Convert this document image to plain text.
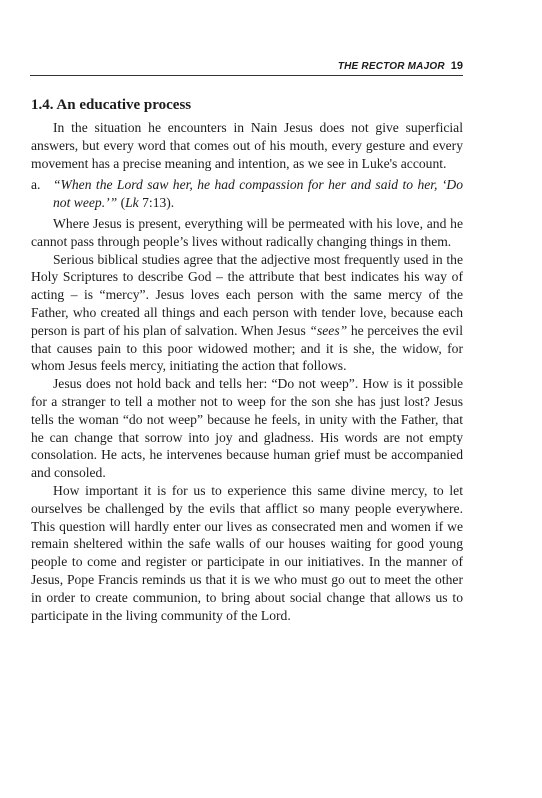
THE RECTOR MAJOR 19
1.4. An educative process

In the situation he encounters in Nain Jesus does not give superficial answers, but every word that comes out of his mouth, every gesture and every movement has a precise meaning and intention, as we see in Luke's account.

a. “When the Lord saw her, he had compassion for her and said to her, ‘Do not weep.’” (Lk 7:13).

Where Jesus is present, everything will be permeated with his love, and he cannot pass through people’s lives without radically changing things in them.

Serious biblical studies agree that the adjective most frequently used in the Holy Scriptures to describe God – the attribute that best indicates his way of acting – is “mercy”. Jesus loves each person with the same mercy of the Father, who created all things and each person with tender love, because each person is part of his plan of salvation. When Jesus “sees” he perceives the evil that causes pain to this poor widowed mother; and it is she, the widow, for whom Jesus feels mercy, initiating the action that follows.

Jesus does not hold back and tells her: “Do not weep”. How is it possible for a stranger to tell a mother not to weep for the son she has just lost? Jesus tells the woman “do not weep” because he feels, in unity with the Father, that he can change that sorrow into joy and gladness. His words are not empty consolation. He acts, he intervenes because human grief must be accompanied and consoled.

How important it is for us to experience this same divine mercy, to let ourselves be challenged by the evils that afflict so many people everywhere. This question will hardly enter our lives as consecrated men and women if we remain sheltered within the safe walls of our houses waiting for good young people to come and register or participate in our initiatives. In the manner of Jesus, Pope Francis reminds us that it is we who must go out to meet the other in order to create communion, to bring about social change that allows us to participate in the living community of the Lord.
